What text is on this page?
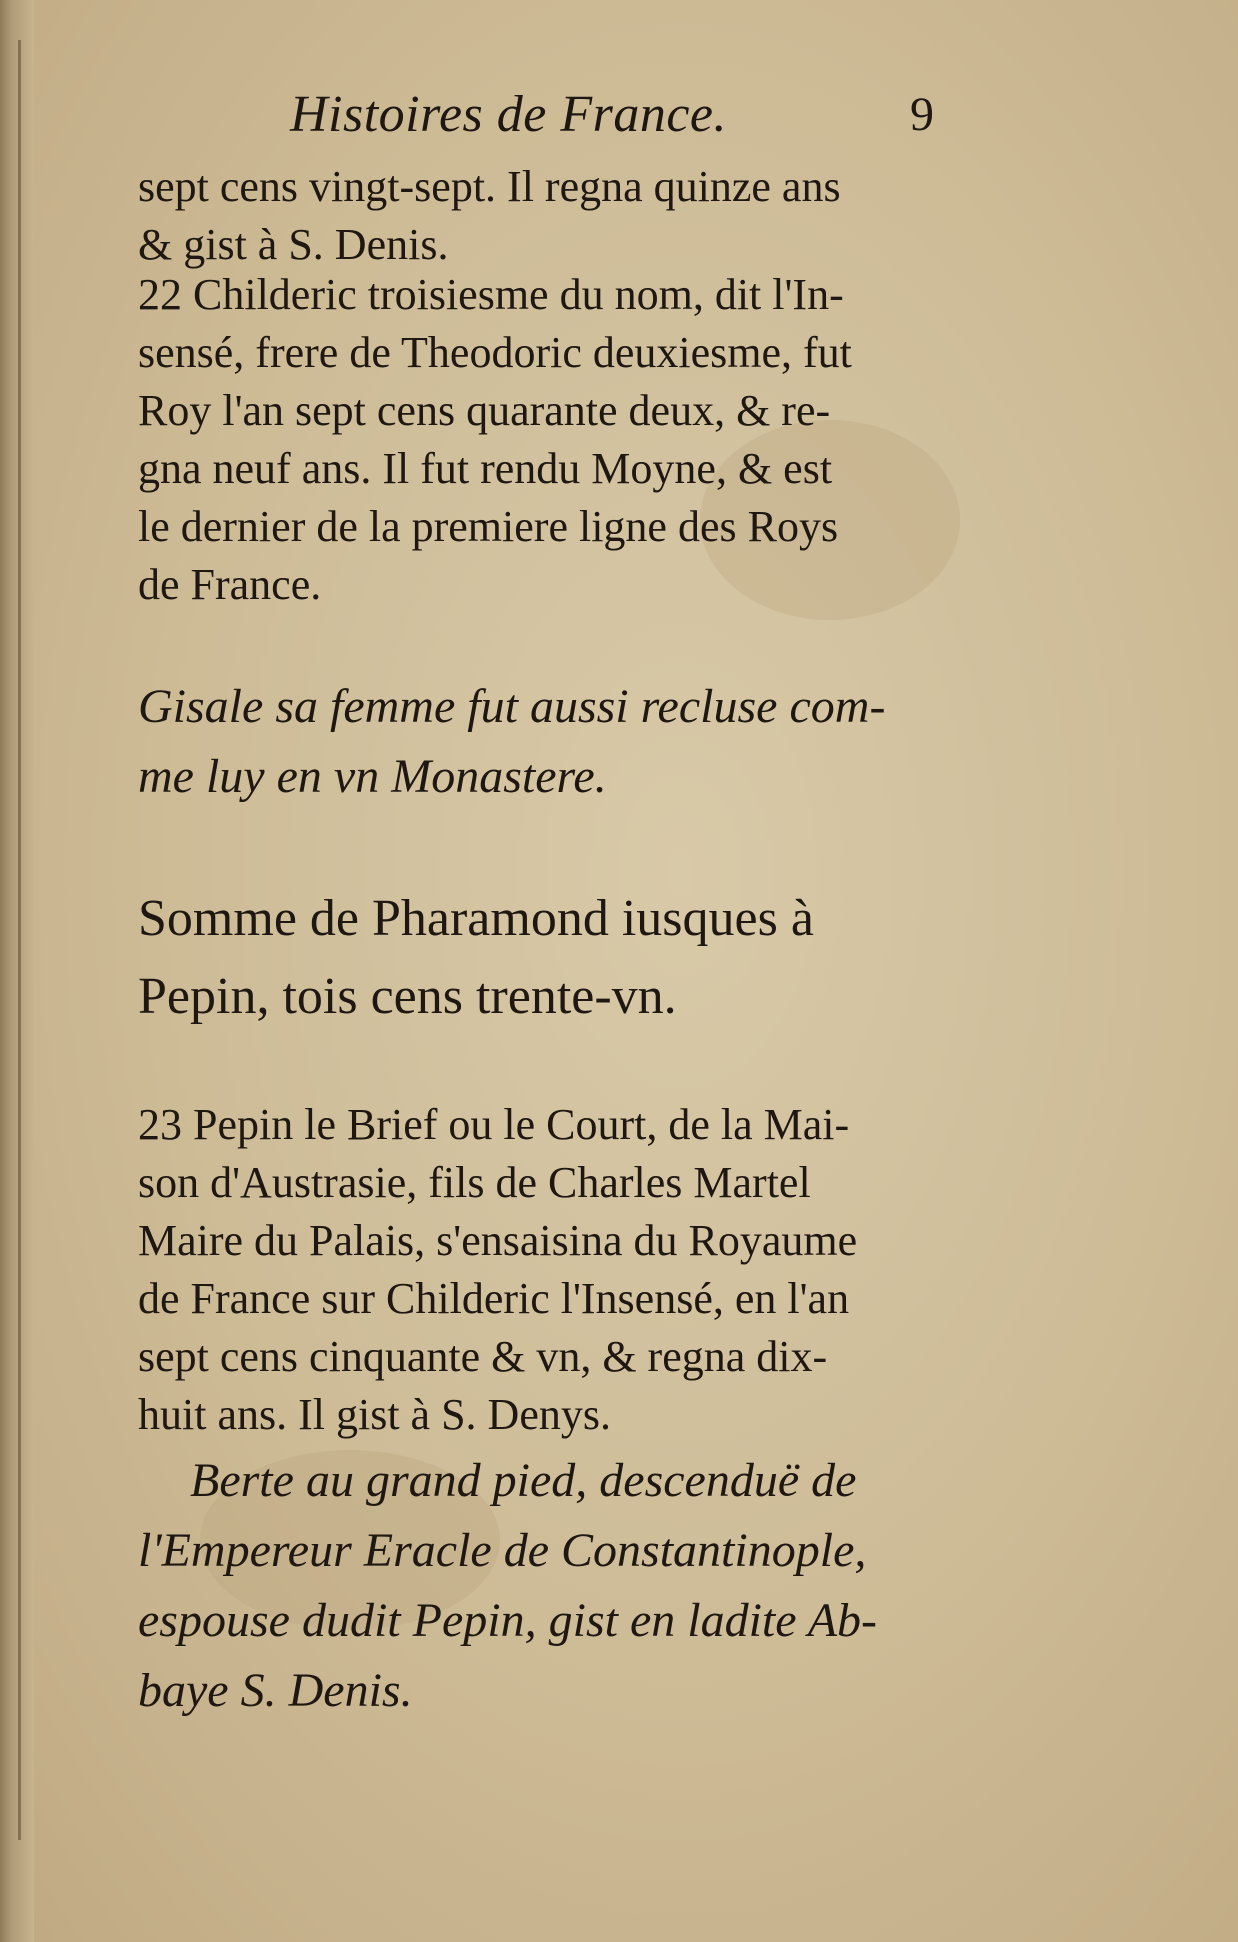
Histoires de France.	9
sept cens vingt-sept. Il regna quinze ans
& gist à S. Denis.
22 Childeric troisiesme du nom, dit l'In-
sensé, frere de Theodoric deuxiesme, fut
Roy l'an sept cens quarante deux, & re-
gna neuf ans. Il fut rendu Moyne, & est
le dernier de la premiere ligne des Roys
de France.
Gisale sa femme fut aussi recluse com-
me luy en vn Monastere.
Somme de Pharamond iusques à
Pepin, tois cens trente-vn.
23 Pepin le Brief ou le Court, de la Mai-
son d'Austrasie, fils de Charles Martel
Maire du Palais, s'ensaisina du Royaume
de France sur Childeric l'Insensé, en l'an
sept cens cinquante & vn, & regna dix-
huit ans. Il gist à S. Denys.
Berte au grand pied, descenduë de
l'Empereur Eracle de Constantinople,
espouse dudit Pepin, gist en ladite Ab-
baye S. Denis.
